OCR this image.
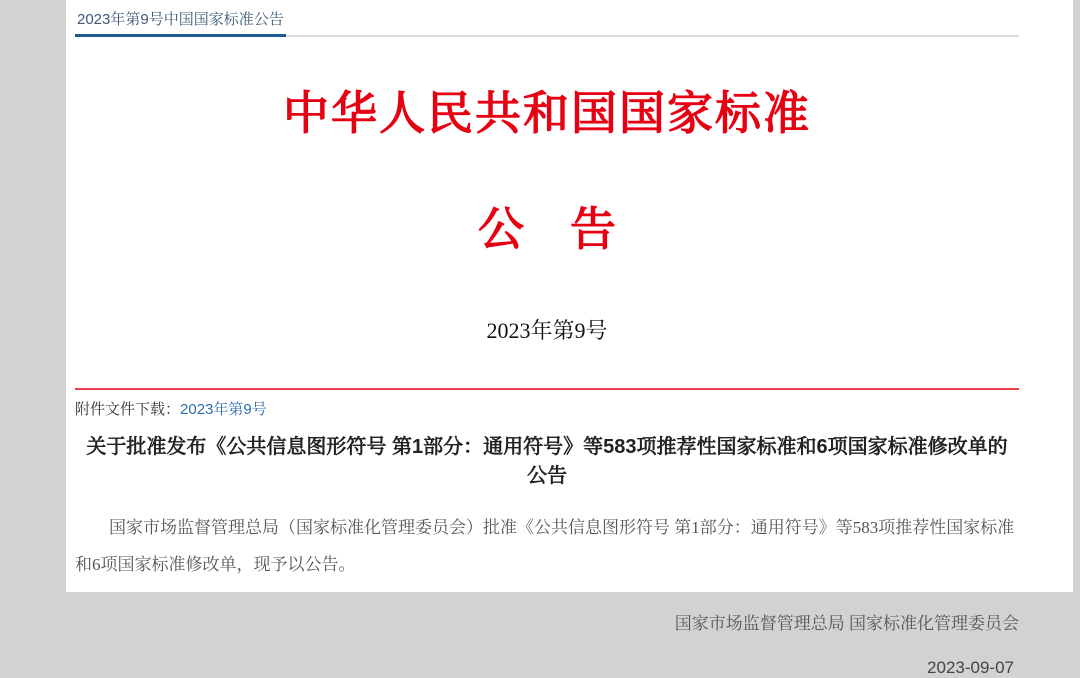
2023年第9号中国国家标准公告
中华人民共和国国家标准
公　告
2023年第9号
附件文件下载：2023年第9号
关于批准发布《公共信息图形符号 第1部分：通用符号》等583项推荐性国家标准和6项国家标准修改单的公告
国家市场监督管理总局（国家标准化管理委员会）批准《公共信息图形符号 第1部分：通用符号》等583项推荐性国家标准和6项国家标准修改单，现予以公告。
国家市场监督管理总局 国家标准化管理委员会
2023-09-07
